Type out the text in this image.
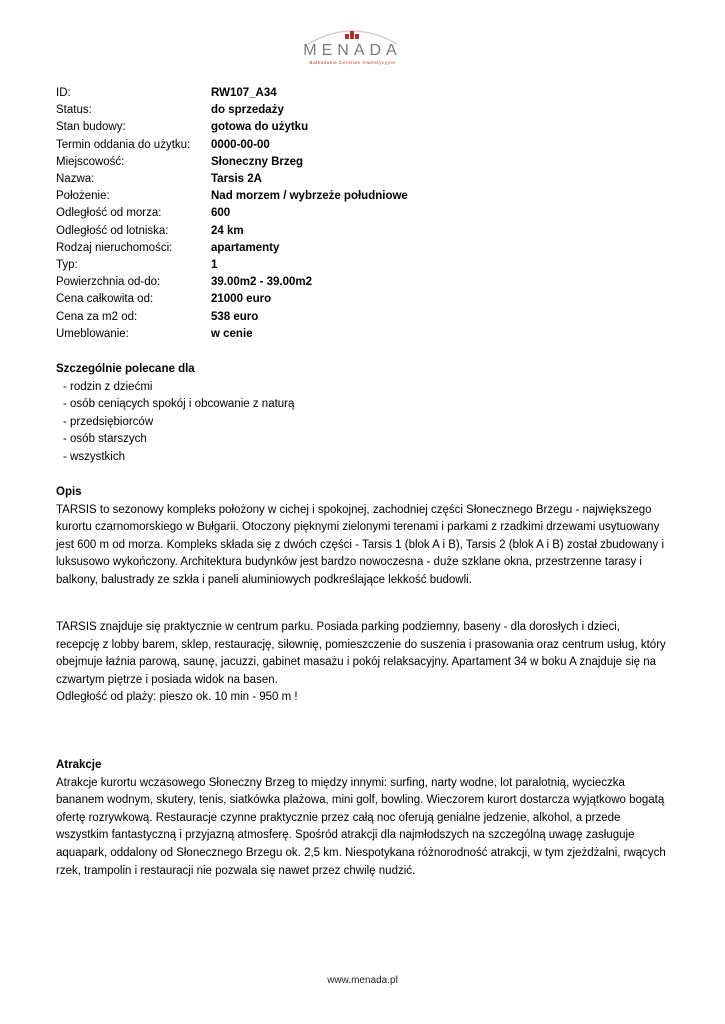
MENADA
Bałkańskie Centrum Inwestycyjne
ID:	RW107_A34
Status:	do sprzedaży
Stan budowy:	gotowa do użytku
Termin oddania do użytku:	0000-00-00
Miejscowość:	Słoneczny Brzeg
Nazwa:	Tarsis 2A
Położenie:	Nad morzem / wybrzeże południowe
Odległość od morza:	600
Odległość od lotniska:	24 km
Rodzaj nieruchomości:	apartamenty
Typ:	1
Powierzchnia od-do:	39.00m2 - 39.00m2
Cena całkowita od:	21000 euro
Cena za m2 od:	538 euro
Umeblowanie:	w cenie
Szczególnie polecane dla
- rodzin z dziećmi
- osób ceniących spokój i obcowanie z naturą
- przedsiębiorców
- osób starszych
- wszystkich
Opis

TARSIS to sezonowy kompleks położony w cichej i spokojnej, zachodniej części Słonecznego Brzegu - największego kurortu czarnomorskiego w Bułgarii. Otoczony pięknymi zielonymi terenami i parkami z rzadkimi drzewami usytuowany jest 600 m od morza. Kompleks składa się z dwóch części - Tarsis 1 (blok A i B), Tarsis 2 (blok A i B) został zbudowany i luksusowo wykończony. Architektura budynków jest bardzo nowoczesna - duże szklane okna, przestrzenne tarasy i balkony, balustrady ze szkła i paneli aluminiowych podkreślające lekkość budowli.

TARSIS znajduje się praktycznie w centrum parku. Posiada parking podziemny, baseny - dla dorosłych i dzieci, recepcję z lobby barem, sklep, restaurację, siłownię, pomieszczenie do suszenia i prasowania oraz centrum usług, który obejmuje łaźnia parową, saunę, jacuzzi, gabinet masażu i pokój relaksacyjny. Apartament 34 w boku A znajduje się na czwartym piętrze i posiada widok na basen.

Odległość od plaży: pieszo ok. 10 min - 950 m !

Atrakcje

Atrakcje kurortu wczasowego Słoneczny Brzeg to między innymi: surfing, narty wodne, lot paralotnią, wycieczka bananem wodnym, skutery, tenis, siatkówka plażowa, mini golf, bowling. Wieczorem kurort dostarcza wyjątkowo bogatą ofertę rozrywkową. Restauracje czynne praktycznie przez całą noc oferują genialne jedzenie, alkohol, a przede wszystkim fantastyczną i przyjazną atmosferę. Spośród atrakcji dla najmłodszych na szczególną uwagę zasługuje aquapark, oddalony od Słonecznego Brzegu ok. 2,5 km. Niespotykana różnorodność atrakcji, w tym zjeżdżalni, rwących rzek, trampolin i restauracji nie pozwala się nawet przez chwilę nudzić.

www.menada.pl
